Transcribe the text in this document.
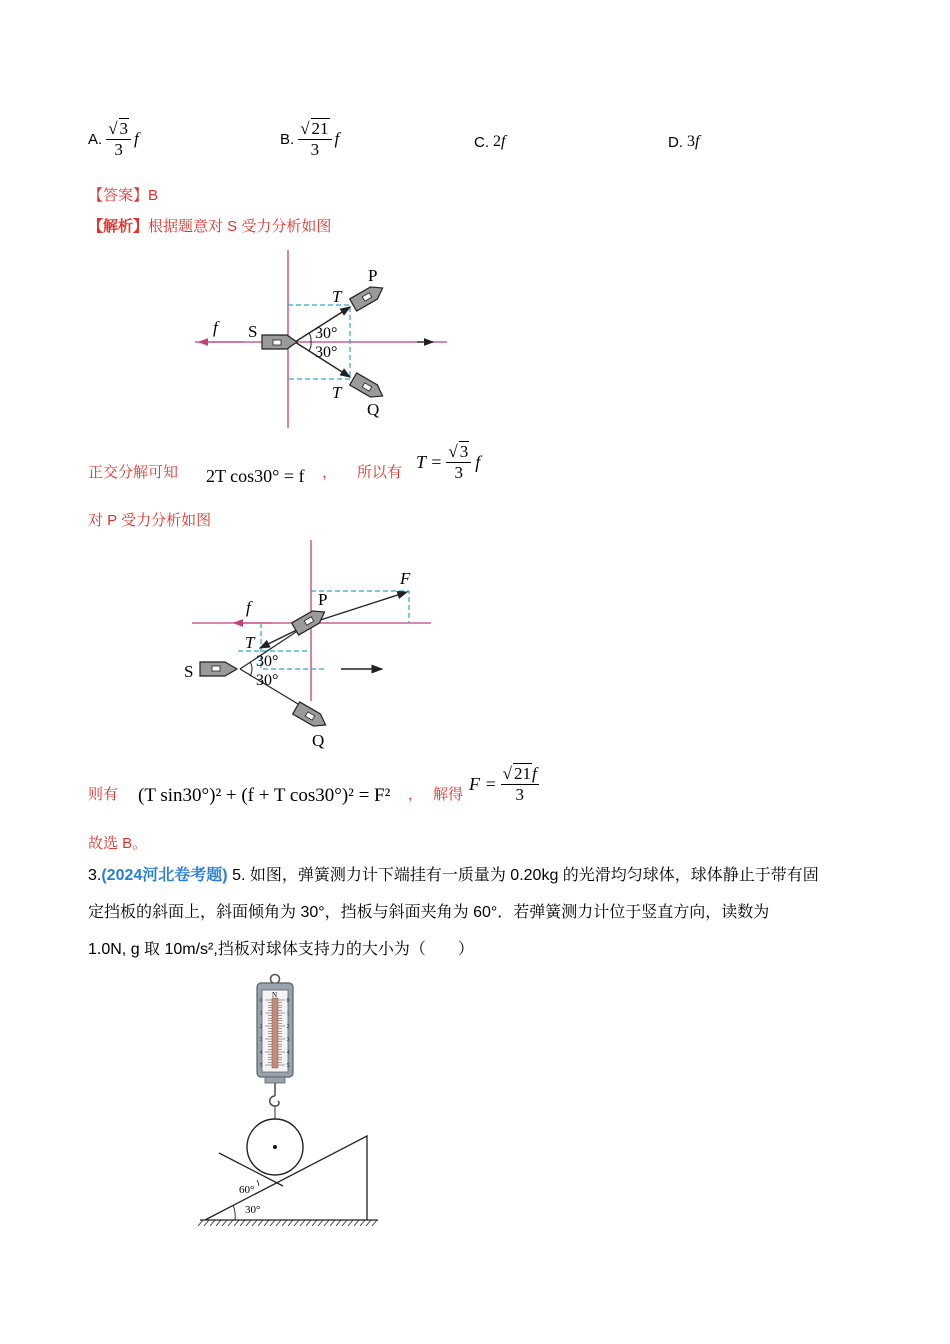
A. $\frac{√ 3}{3}$ f	B. $\frac{√ 21}{3}$ f	C. 2 f	D. 3 f
【答案】B
【解析】根据题意对 S 受力分析如图
f S
P
Q
T
T
30°
30°
正交分解可知 2T cos30° = f ， 所以有
$T = \frac{√ 3}{3}$ f
对 P 受力分析如图
F
P
f
T
S
Q
30°
30°
则有 (T sin30°)² + (f + T cos30°)² = F² ， 解得
$F = \frac{√ 21f}{3}$
故选 B。
3.(2024河北卷考题) 5. 如图，弹簧测力计下端挂有一质量为 0.20kg 的光滑均匀球体，球体静止于带有固
定挡板的斜面上，斜面倾角为 30°，挡板与斜面夹角为 60°．若弹簧测力计位于竖直方向，读数为
1.0N, g 取 10m/s²,挡板对球体支持力的大小为（　　）
N
0
1
2
3
4
5
0
1
2
3
4
5
60°
30°
